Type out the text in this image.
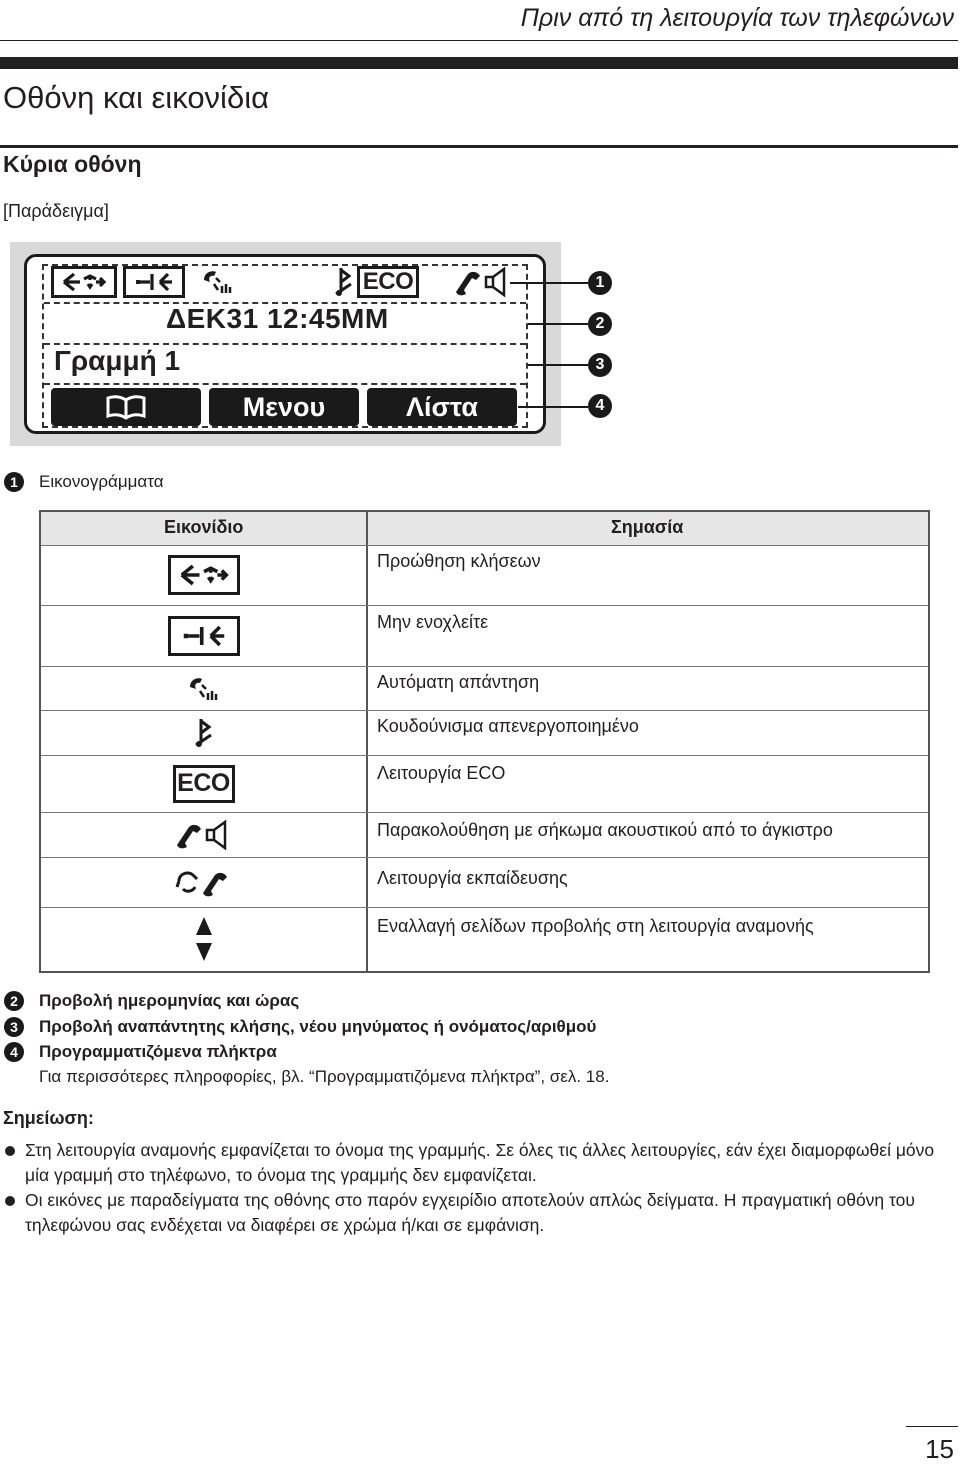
Πριν από τη λειτουργία των τηλεφώνων
Οθόνη και εικονίδια
Κύρια οθόνη
[Παράδειγμα]
ECO
ΔΕΚ31 12:45ΜΜ
Γραμμή 1
Μενου	Λίστα
1
2
3
4
1	Εικονογράμματα
Εικονίδιο	Σημασία
Προώθηση κλήσεων
Μην ενοχλείτε
Αυτόματη απάντηση
Κουδούνισμα απενεργοποιημένο
ECO	Λειτουργία ECO
Παρακολούθηση με σήκωμα ακουστικού από το άγκιστρο
Λειτουργία εκπαίδευσης
Εναλλαγή σελίδων προβολής στη λειτουργία αναμονής
2	Προβολή ημερομηνίας και ώρας
3	Προβολή αναπάντητης κλήσης, νέου μηνύματος ή ονόματος/αριθμού
4	Προγραμματιζόμενα πλήκτρα
Για περισσότερες πληροφορίες, βλ. “Προγραμματιζόμενα πλήκτρα”, σελ. 18.
Σημείωση:
Στη λειτουργία αναμονής εμφανίζεται το όνομα της γραμμής. Σε όλες τις άλλες λειτουργίες, εάν έχει διαμορφωθεί μόνο μία γραμμή στο τηλέφωνο, το όνομα της γραμμής δεν εμφανίζεται.
Οι εικόνες με παραδείγματα της οθόνης στο παρόν εγχειρίδιο αποτελούν απλώς δείγματα. Η πραγματική οθόνη του τηλεφώνου σας ενδέχεται να διαφέρει σε χρώμα ή/και σε εμφάνιση.
15
